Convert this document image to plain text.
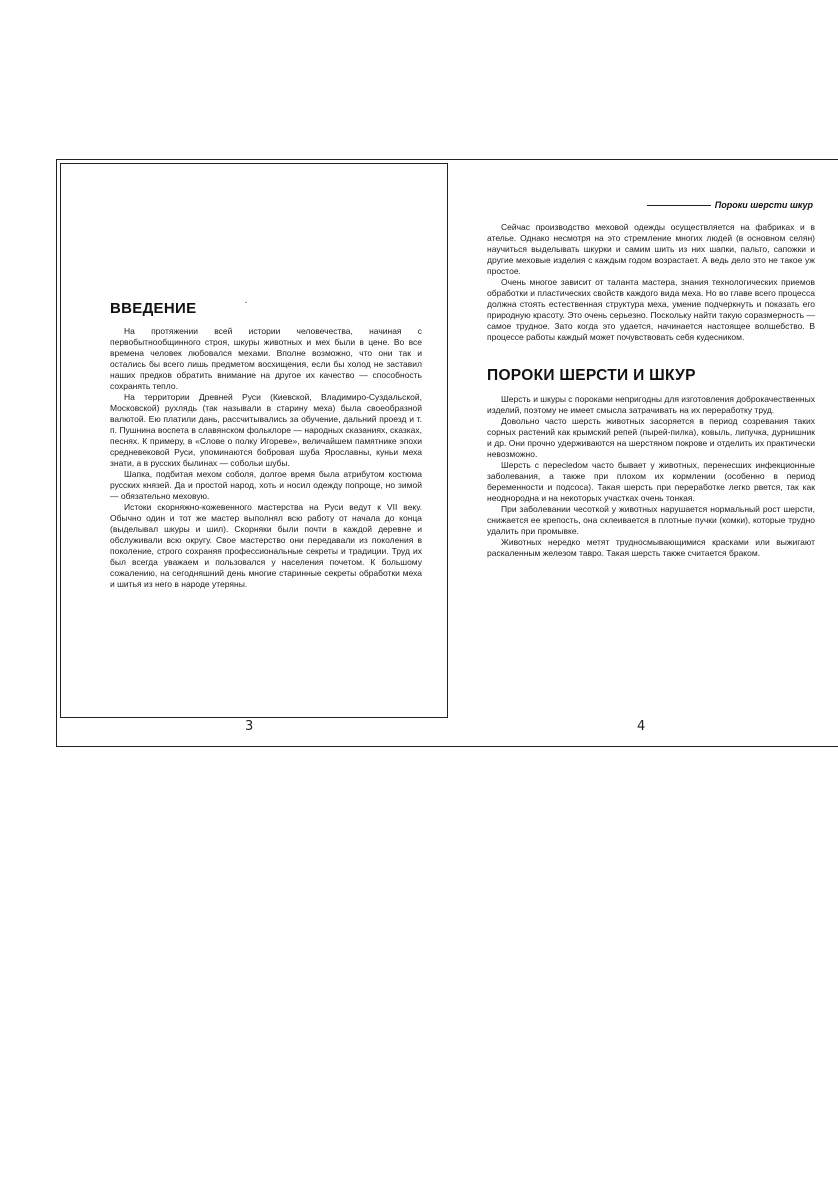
ВВЕДЕНИЕ

На протяжении всей истории человечества, начиная с первобытнообщинного строя, шкуры животных и мех были в цене. Во все времена человек любовался мехами. Вполне возможно, что они так и остались бы всего лишь предметом восхищения, если бы холод не заставил наших предков обратить внимание на другое их качество — способность сохранять тепло.

На территории Древней Руси (Киевской, Владимиро-Суздальской, Московской) рухлядь (так называли в старину меха) была своеобразной валютой. Ею платили дань, рассчитывались за обучение, дальний проезд и т. п. Пушнина воспета в славянском фольклоре — народных сказаниях, сказках, песнях. К примеру, в «Слове о полку Игореве», величайшем памятнике эпохи средневековой Руси, упоминаются бобровая шуба Ярославны, куньи меха знати, а в русских былинах — собольи шубы.

Шапка, подбитая мехом соболя, долгое время была атрибутом костюма русских князей. Да и простой народ, хоть и носил одежду попроще, но зимой — обязательно меховую.

Истоки скорняжно-кожевенного мастерства на Руси ведут к VII веку. Обычно один и тот же мастер выполнял всю работу от начала до конца (выделывал шкуры и шил). Скорняки были почти в каждой деревне и обслуживали всю округу. Свое мастерство они передавали из поколения в поколение, строго сохраняя профессиональные секреты и традиции. Труд их был всегда уважаем и пользовался у населения почетом. К большому сожалению, на сегодняшний день многие старинные секреты обработки меха и шитья из него в народе утеряны.

Пороки шерсти шкур

Сейчас производство меховой одежды осуществляется на фабриках и в ателье. Однако несмотря на это стремление многих людей (в основном селян) научиться выделывать шкурки и самим шить из них шапки, пальто, сапожки и другие меховые изделия с каждым годом возрастает. А ведь дело это не такое уж простое.

Очень многое зависит от таланта мастера, знания технологических приемов обработки и пластических свойств каждого вида меха. Но во главе всего процесса должна стоять естественная структура меха, умение подчеркнуть и показать его природную красоту. Это очень серьезно. Поскольку найти такую соразмерность — самое трудное. Зато когда это удается, начинается настоящее волшебство. В процессе работы каждый может почувствовать себя кудесником.

ПОРОКИ ШЕРСТИ И ШКУР

Шерсть и шкуры с пороками непригодны для изготовления доброкачественных изделий, поэтому не имеет смысла затрачивать на их переработку труд.

Довольно часто шерсть животных засоряется в период созревания таких сорных растений как крымский репей (пырей-пилка), ковыль, липучка, дурнишник и др. Они прочно удерживаются на шерстяном покрове и отделить их практически невозможно.

Шерсть с пересledом часто бывает у животных, перенесших инфекционные заболевания, а также при плохом их кормлении (особенно в период беременности и подсоса). Такая шерсть при переработке легко рвется, так как неоднородна и на некоторых участках очень тонкая.

При заболевании чесоткой у животных нарушается нормальный рост шерсти, снижается ее крепость, она склеивается в плотные пучки (комки), которые трудно удалить при промывке.

Животных нередко метят трудносмывающимися красками или выжигают раскаленным железом тавро. Такая шерсть также считается браком.

3	4
